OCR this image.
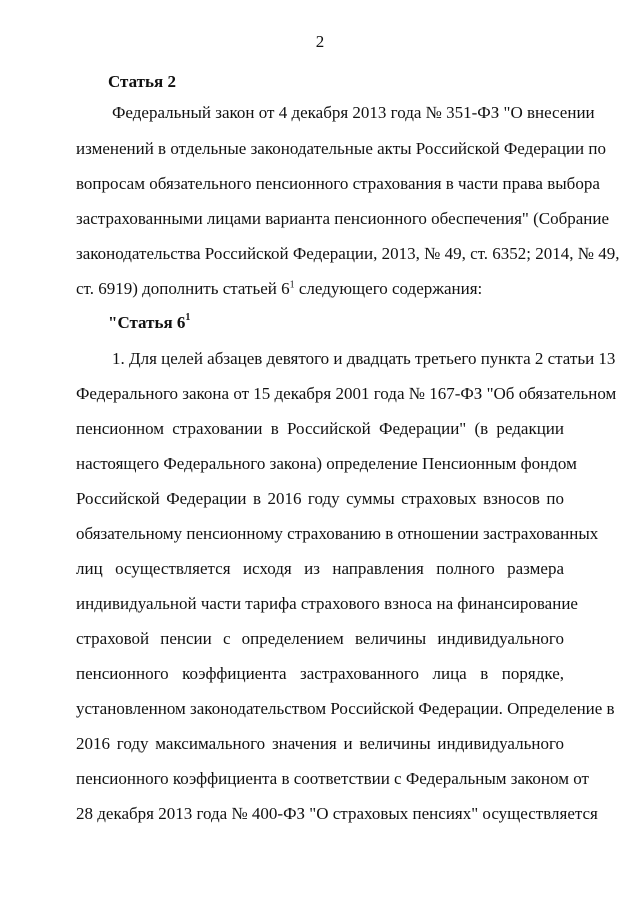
2
Статья 2
Федеральный закон от 4 декабря 2013 года № 351-ФЗ "О внесении
изменений в отдельные законодательные акты Российской Федерации по
вопросам обязательного пенсионного страхования в части права выбора
застрахованными лицами варианта пенсионного обеспечения" (Собрание
законодательства Российской Федерации, 2013, № 49, ст. 6352; 2014, № 49,
ст. 6919) дополнить статьей $6^1$ следующего содержания:
"Статья $6^1$
1. Для целей абзацев девятого и двадцать третьего пункта 2 статьи 13
Федерального закона от 15 декабря 2001 года № 167-ФЗ "Об обязательном
пенсионном страховании в Российской Федерации" (в редакции
настоящего Федерального закона) определение Пенсионным фондом
Российской Федерации в 2016 году суммы страховых взносов по
обязательному пенсионному страхованию в отношении застрахованных
лиц осуществляется исходя из направления полного размера
индивидуальной части тарифа страхового взноса на финансирование
страховой пенсии с определением величины индивидуального
пенсионного коэффициента застрахованного лица в порядке,
установленном законодательством Российской Федерации. Определение в
2016 году максимального значения и величины индивидуального
пенсионного коэффициента в соответствии с Федеральным законом от
28 декабря 2013 года № 400-ФЗ "О страховых пенсиях" осуществляется
